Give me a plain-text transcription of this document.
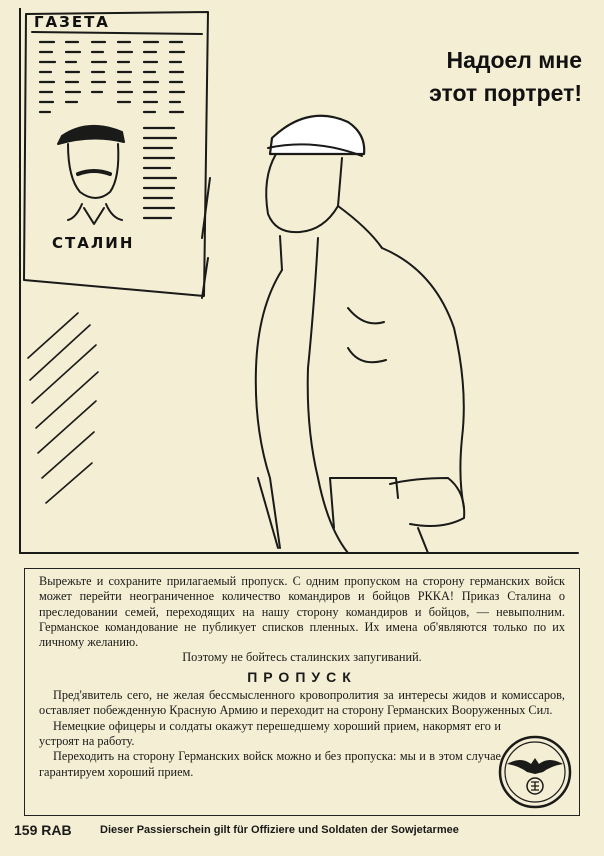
Надоел мне
этот портрет!
ГАЗЕТА
СТАЛИН

Вырежьте и сохраните прилагаемый пропуск. С одним пропуском на сторону германских войск может перейти неограниченное количество командиров и бойцов РККА! Приказ Сталина о преследовании семей, переходящих на нашу сторону командиров и бойцов, — невыполним. Германское командование не публикует списков пленных. Их имена об'являются только по их личному желанию.

Поэтому не бойтесь сталинских запугиваний.

ПРОПУСК

Пред'явитель сего, не желая бессмысленного кровопролития за интересы жидов и комиссаров, оставляет побежденную Красную Армию и переходит на сторону Германских Вооруженных Сил.

Немецкие офицеры и солдаты окажут перешедшему хороший прием, накормят его и устроят на работу.

Переходить на сторону Германских войск можно и без пропуска: мы и в этом случае гарантируем хороший прием.

159 RAB	Dieser Passierschein gilt für Offiziere und Soldaten der Sowjetarmee
